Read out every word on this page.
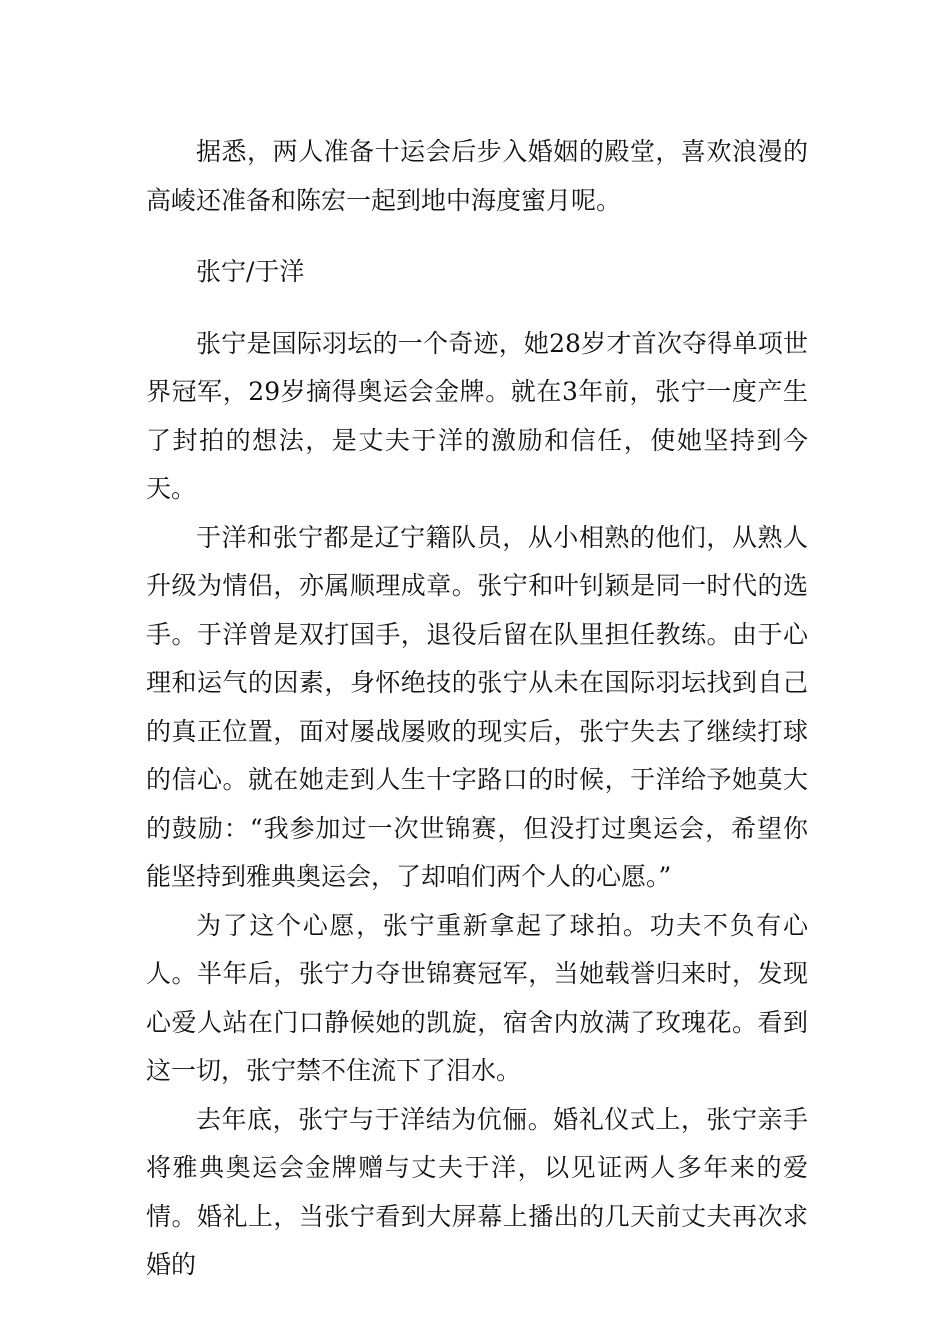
据悉，两人准备十运会后步入婚姻的殿堂，喜欢浪漫的高崚还准备和陈宏一起到地中海度蜜月呢。

张宁/于洋

张宁是国际羽坛的一个奇迹，她28岁才首次夺得单项世界冠军，29岁摘得奥运会金牌。就在3年前，张宁一度产生了封拍的想法，是丈夫于洋的激励和信任，使她坚持到今天。

于洋和张宁都是辽宁籍队员，从小相熟的他们，从熟人升级为情侣，亦属顺理成章。张宁和叶钊颖是同一时代的选手。于洋曾是双打国手，退役后留在队里担任教练。由于心理和运气的因素，身怀绝技的张宁从未在国际羽坛找到自己的真正位置，面对屡战屡败的现实后，张宁失去了继续打球的信心。就在她走到人生十字路口的时候，于洋给予她莫大的鼓励：“我参加过一次世锦赛，但没打过奥运会，希望你能坚持到雅典奥运会，了却咱们两个人的心愿。”

为了这个心愿，张宁重新拿起了球拍。功夫不负有心人。半年后，张宁力夺世锦赛冠军，当她载誉归来时，发现心爱人站在门口静候她的凯旋，宿舍内放满了玫瑰花。看到这一切，张宁禁不住流下了泪水。

去年底，张宁与于洋结为伉俪。婚礼仪式上，张宁亲手将雅典奥运会金牌赠与丈夫于洋，以见证两人多年来的爱情。婚礼上，当张宁看到大屏幕上播出的几天前丈夫再次求婚的
